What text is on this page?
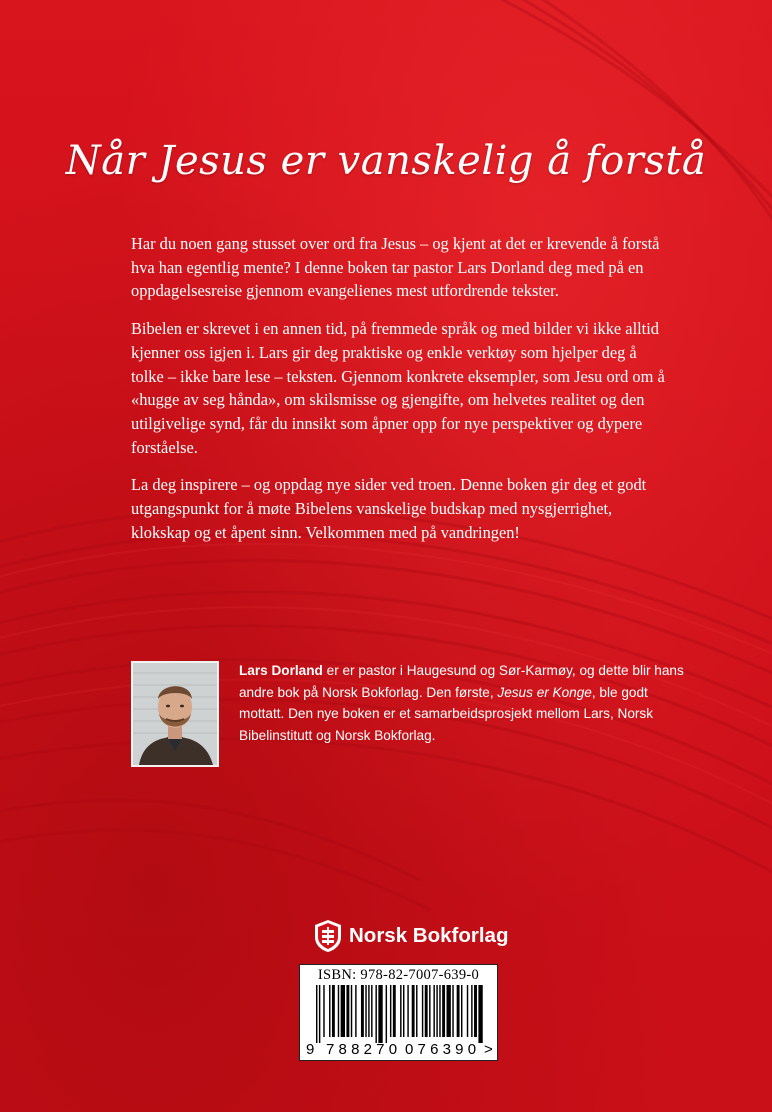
Når Jesus er vanskelig å forstå

Har du noen gang stusset over ord fra Jesus – og kjent at det er krevende å forstå hva han egentlig mente? I denne boken tar pastor Lars Dorland deg med på en oppdagelsesreise gjennom evangelienes mest utfordrende tekster.

Bibelen er skrevet i en annen tid, på fremmede språk og med bilder vi ikke alltid kjenner oss igjen i. Lars gir deg praktiske og enkle verktøy som hjelper deg å tolke – ikke bare lese – teksten. Gjennom konkrete eksempler, som Jesu ord om å «hugge av seg hånda», om skilsmisse og gjengifte, om helvetes realitet og den utilgivelige synd, får du innsikt som åpner opp for nye perspektiver og dypere forståelse.

La deg inspirere – og oppdag nye sider ved troen. Denne boken gir deg et godt utgangspunkt for å møte Bibelens vanskelige budskap med nysgjerrighet, klokskap og et åpent sinn. Velkommen med på vandringen!

Lars Dorland er er pastor i Haugesund og Sør-Karmøy, og dette blir hans andre bok på Norsk Bokforlag. Den første, Jesus er Konge, ble godt mottatt. Den nye boken er et samarbeidsprosjekt mellom Lars, Norsk Bibelinstitutt og Norsk Bokforlag.
Norsk Bokforlag
ISBN: 978-82-7007-639-0
9 788270 076390 >
